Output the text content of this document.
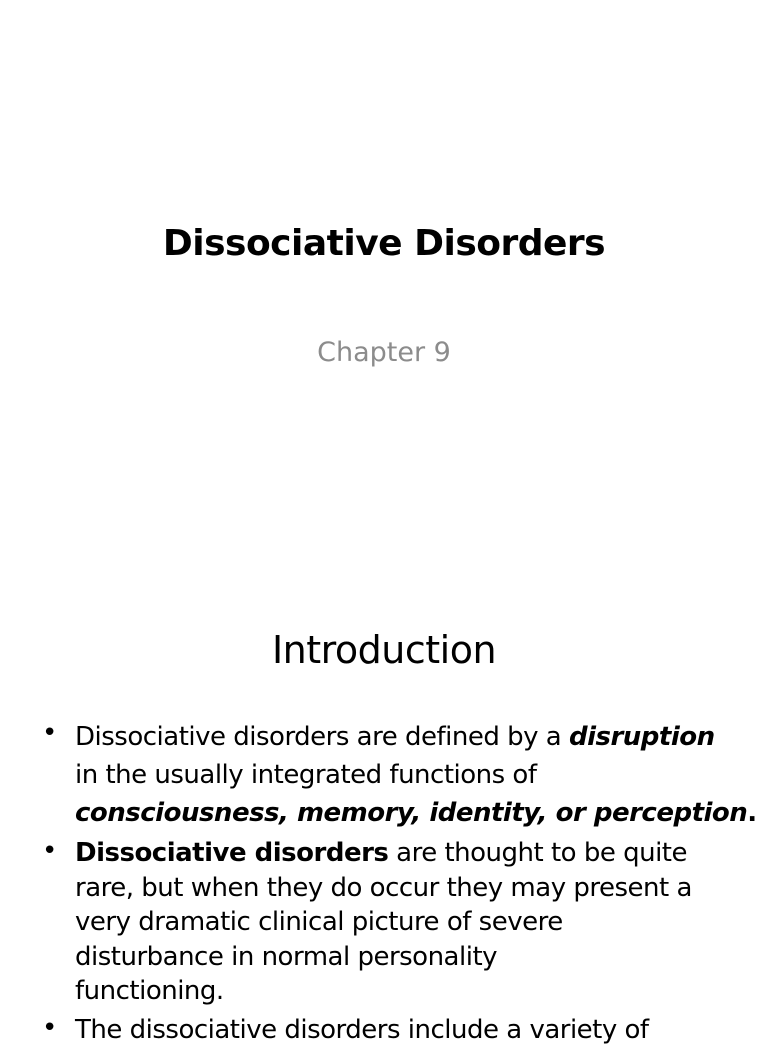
Dissociative Disorders
Chapter 9
Introduction
• Dissociative disorders are defined by a disruption
in the usually integrated functions of
consciousness, memory, identity, or perception.
• Dissociative disorders are thought to be quite
rare, but when they do occur they may present a
very dramatic clinical picture of severe
disturbance in normal personality
functioning.
• The dissociative disorders include a variety of
